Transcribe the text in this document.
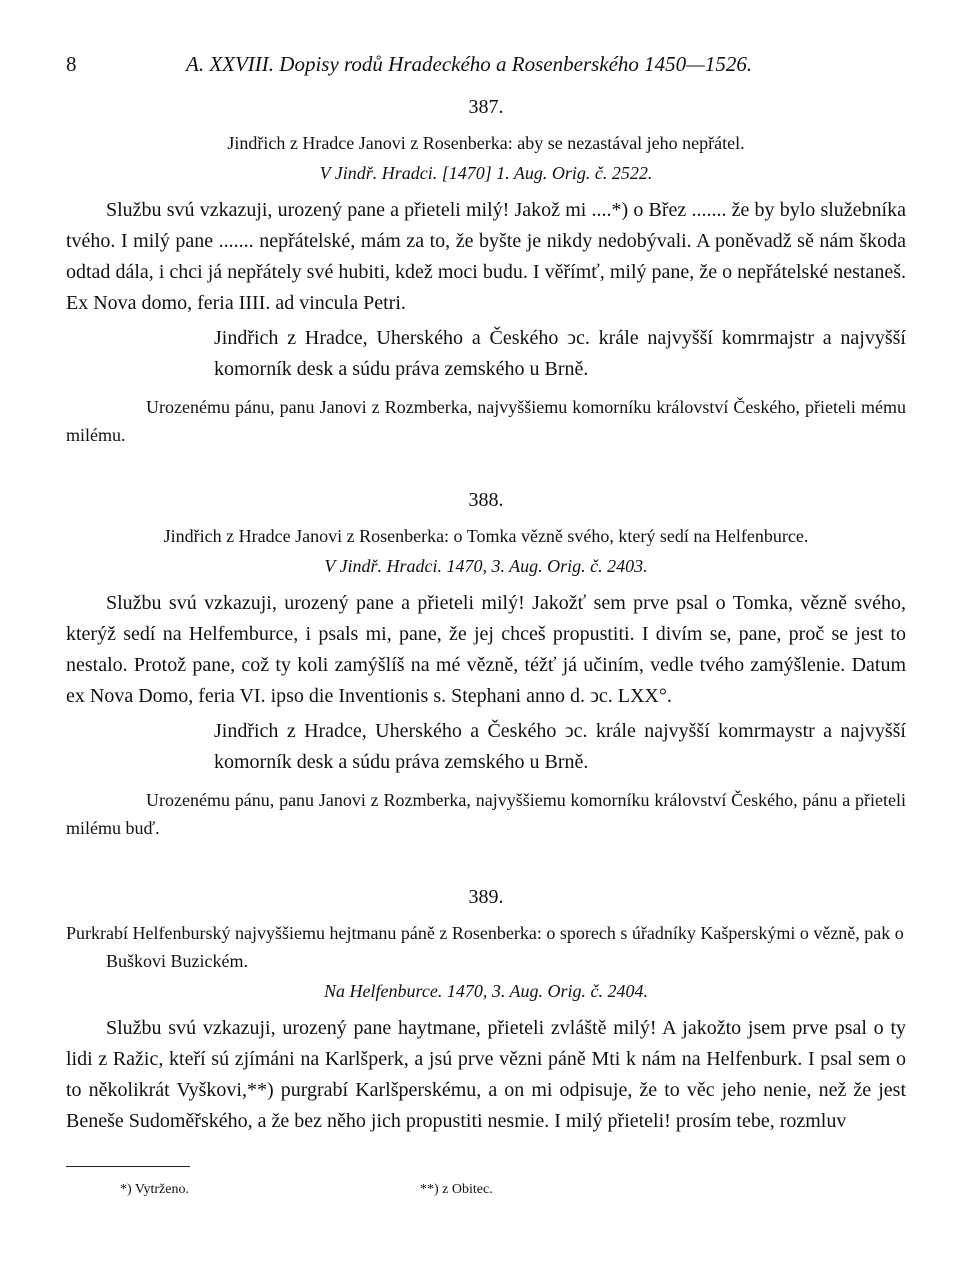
8	A. XXVIII. Dopisy rodů Hradeckého a Rosenberského 1450—1526.
387.

Jindřich z Hradce Janovi z Rosenberka: aby se nezastával jeho nepřátel.

V Jindř. Hradci. [1470] 1. Aug. Orig. č. 2522.

Službu svú vzkazuji, urozený pane a přieteli milý! Jakož mi ....*) o Břez ....... že by bylo služebníka tvého. I milý pane ....... nepřátelské, mám za to, že byšte je nikdy nedobývali. A poněvadž sě nám škoda odtad dála, i chci já nepřátely své hubiti, kdež moci budu. I věřímť, milý pane, že o nepřátelské nestaneš. Ex Nova domo, feria IIII. ad vincula Petri.

Jindřich z Hradce, Uherského a Českého ↄc. krále najvyšší komrmajstr a najvyšší komorník desk a súdu práva zemského u Brně.

Urozenému pánu, panu Janovi z Rozmberka, najvyššiemu komorníku království Českého, přieteli mému milému.

388.

Jindřich z Hradce Janovi z Rosenberka: o Tomka vězně svého, který sedí na Helfenburce.

V Jindř. Hradci. 1470, 3. Aug. Orig. č. 2403.

Službu svú vzkazuji, urozený pane a přieteli milý! Jakožť sem prve psal o Tomka, vězně svého, kterýž sedí na Helfemburce, i psals mi, pane, že jej chceš propustiti. I divím se, pane, proč se jest to nestalo. Protož pane, což ty koli zamýšlíš na mé vězně, téžť já učiním, vedle tvého zamýšlenie. Datum ex Nova Domo, feria VI. ipso die Inventionis s. Stephani anno d. ↄc. LXX°.

Jindřich z Hradce, Uherského a Českého ↄc. krále najvyšší komrmaystr a najvyšší komorník desk a súdu práva zemského u Brně.

Urozenému pánu, panu Janovi z Rozmberka, najvyššiemu komorníku království Českého, pánu a přieteli milému buď.

389.

Purkrabí Helfenburský najvyššiemu hejtmanu páně z Rosenberka: o sporech s úřadníky Kašperskými o vězně, pak o Buškovi Buzickém.

Na Helfenburce. 1470, 3. Aug. Orig. č. 2404.

Službu svú vzkazuji, urozený pane haytmane, přieteli zvláště milý! A jakožto jsem prve psal o ty lidi z Ražic, kteří sú zjímáni na Karlšperk, a jsú prve vězni páně Mti k nám na Helfenburk. I psal sem o to několikrát Vyškovi,**) purgrabí Karlšperskému, a on mi odpisuje, že to věc jeho nenie, než že jest Beneše Sudoměřského, a že bez něho jich propustiti nesmie. I milý přieteli! prosím tebe, rozmluv

*) Vytrženo.	**) z Obitec.
